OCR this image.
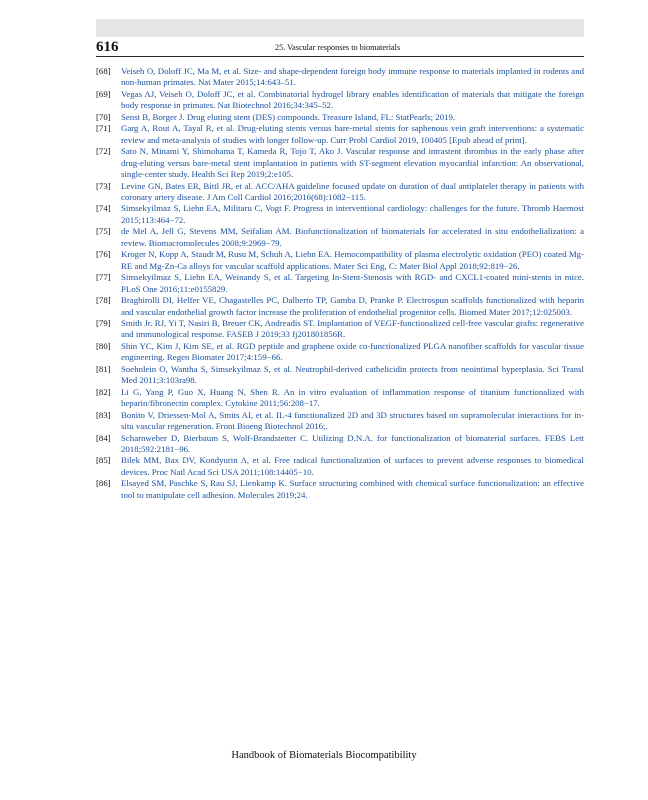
616	25. Vascular responses to biomaterials
[68]	Veiseh O, Doloff JC, Ma M, et al. Size- and shape-dependent foreign body immune response to materials implanted in rodents and non-human primates. Nat Mater 2015;14:643–51.
[69]	Vegas AJ, Veiseh O, Doloff JC, et al. Combinatorial hydrogel library enables identification of materials that mitigate the foreign body response in primates. Nat Biotechnol 2016;34:345–52.
[70]	Senst B, Borger J. Drug eluting stent (DES) compounds. Treasure Island, FL: StatPearls; 2019.
[71]	Garg A, Rout A, Tayal R, et al. Drug-eluting stents versus bare-metal stents for saphenous vein graft interventions: a systematic review and meta-analysis of studies with longer follow-up. Curr Probl Cardiol 2019, 100405 [Epub ahead of print].
[72]	Sato N, Minami Y, Shimohama T, Kameda R, Tojo T, Ako J. Vascular response and intrastent thrombus in the early phase after drug-eluting versus bare-metal stent implantation in patients with ST-segment elevation myocardial infarction: An observational, single-center study. Health Sci Rep 2019;2:e105.
[73]	Levine GN, Bates ER, Bittl JR, et al. ACC/AHA guideline focused update on duration of dual antiplatelet therapy in patients with coronary artery disease. J Am Coll Cardiol 2016;2016(68):1082−115.
[74]	Simsekyilmaz S, Liehn EA, Militaru C, Vogt F. Progress in interventional cardiology: challenges for the future. Thromb Haemost 2015;113:464−72.
[75]	de Mel A, Jell G, Stevens MM, Seifalian AM. Biofunctionalization of biomaterials for accelerated in situ endothelialization: a review. Biomacromolecules 2008;9:2969−79.
[76]	Kroger N, Kopp A, Staudt M, Rusu M, Schuh A, Liehn EA. Hemocompatibility of plasma electrolytic oxidation (PEO) coated Mg-RE and Mg-Zn-Ca alloys for vascular scaffold applications. Mater Sci Eng, C: Mater Biol Appl 2018;92:819−26.
[77]	Simsekyilmaz S, Liehn EA, Weinandy S, et al. Targeting In-Stent-Stenosis with RGD- and CXCL1-coated mini-stents in mice. PLoS One 2016;11:e0155829.
[78]	Braghirolli DI, Helfer VE, Chagastelles PC, Dalberto TP, Gamba D, Pranke P. Electrospun scaffolds functionalized with heparin and vascular endothelial growth factor increase the proliferation of endothelial progenitor cells. Biomed Mater 2017;12:025003.
[79]	Smith Jr. RJ, Yi T, Nasiri B, Breuer CK, Andreadis ST. Implantation of VEGF-functionalized cell-free vascular grafts: regenerative and immunological response. FASEB J 2019;33 fj201801856R.
[80]	Shin YC, Kim J, Kim SE, et al. RGD peptide and graphene oxide co-functionalized PLGA nanofiber scaffolds for vascular tissue engineering. Regen Biomater 2017;4:159−66.
[81]	Soehnlein O, Wantha S, Simsekyilmaz S, et al. Neutrophil-derived cathelicidin protects from neointimal hyperplasia. Sci Transl Med 2011;3:103ra98.
[82]	Li G, Yang P, Guo X, Huang N, Shen R. An in vitro evaluation of inflammation response of titanium functionalized with heparin/fibronectin complex. Cytokine 2011;56:208−17.
[83]	Bonito V, Driessen-Mol A, Smits AI, et al. IL-4 functionalized 2D and 3D structures based on supramolecular interactions for in-situ vascular regeneration. Front Bioeng Biotechnol 2016;.
[84]	Scharnweber D, Bierbaum S, Wolf-Brandstetter C. Utilizing D.N.A. for functionalization of biomaterial surfaces. FEBS Lett 2018;592:2181−96.
[85]	Bilek MM, Bax DV, Kondyurin A, et al. Free radical functionalization of surfaces to prevent adverse responses to biomedical devices. Proc Natl Acad Sci USA 2011;108:14405−10.
[86]	Elsayed SM, Paschke S, Rau SJ, Lienkamp K. Surface structuring combined with chemical surface functionalization: an effective tool to manipulate cell adhesion. Molecules 2019;24.
Handbook of Biomaterials Biocompatibility
